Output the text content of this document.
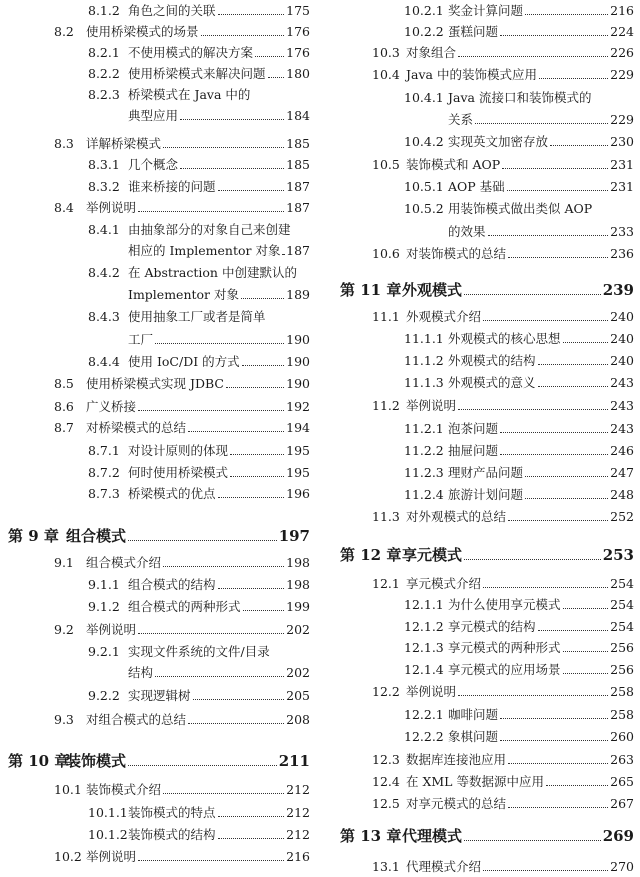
8.1.2 角色之间的关联	175
8.2 使用桥梁模式的场景	176
8.2.1 不使用模式的解决方案	176
8.2.2 使用桥梁模式来解决问题 180
8.2.3 桥梁模式在 Java 中的
典型应用	184
8.3 详解桥梁模式	185
8.3.1 几个概念	185
8.3.2 谁来桥接的问题	187
8.4 举例说明	187
8.4.1 由抽象部分的对象自己来创建
相应的 Implementor 对象 187
8.4.2 在 Abstraction 中创建默认的
Implementor 对象	189
8.4.3 使用抽象工厂或者是简单
工厂	190
8.4.4 使用 IoC/DI 的方式	190
8.5 使用桥梁模式实现 JDBC	190
8.6 广义桥接	192
8.7 对桥梁模式的总结	194
8.7.1 对设计原则的体现	195
8.7.2 何时使用桥梁模式	195
8.7.3 桥梁模式的优点	196
第 9 章 组合模式	197
9.1 组合模式介绍	198
9.1.1 组合模式的结构	198
9.1.2 组合模式的两种形式	199
9.2 举例说明	202
9.2.1 实现文件系统的文件/目录
结构	202
9.2.2 实现逻辑树	205
9.3 对组合模式的总结	208
第 10 章
装饰模式	211
10.1 装饰模式介绍	212
10.1.1 装饰模式的特点	212
10.1.2 装饰模式的结构	212
10.2 举例说明	216
10.2.1 奖金计算问题	216
10.2.2 蛋糕问题	224
10.3 对象组合	226
10.4 Java 中的装饰模式应用	229
10.4.1 Java 流接口和装饰模式的
关系	229
10.4.2 实现英文加密存放	230
10.5 装饰模式和 AOP	231
10.5.1 AOP 基础	231
10.5.2 用装饰模式做出类似 AOP
的效果	233
10.6 对装饰模式的总结	236
第 11 章 外观模式	239
11.1 外观模式介绍	240
11.1.1 外观模式的核心思想	240
11.1.2 外观模式的结构	240
11.1.3 外观模式的意义	243
11.2 举例说明	243
11.2.1 泡茶问题	243
11.2.2 抽屉问题	246
11.2.3 理财产品问题	247
11.2.4 旅游计划问题	248
11.3 对外观模式的总结	252
第 12 章 享元模式	253
12.1 享元模式介绍	254
12.1.1 为什么使用享元模式	254
12.1.2 享元模式的结构	254
12.1.3 享元模式的两种形式	256
12.1.4 享元模式的应用场景	256
12.2 举例说明	258
12.2.1 咖啡问题	258
12.2.2 象棋问题	260
12.3 数据库连接池应用	263
12.4 在 XML 等数据源中应用	265
12.5 对享元模式的总结	267
第 13 章 代理模式	269
13.1 代理模式介绍	270
